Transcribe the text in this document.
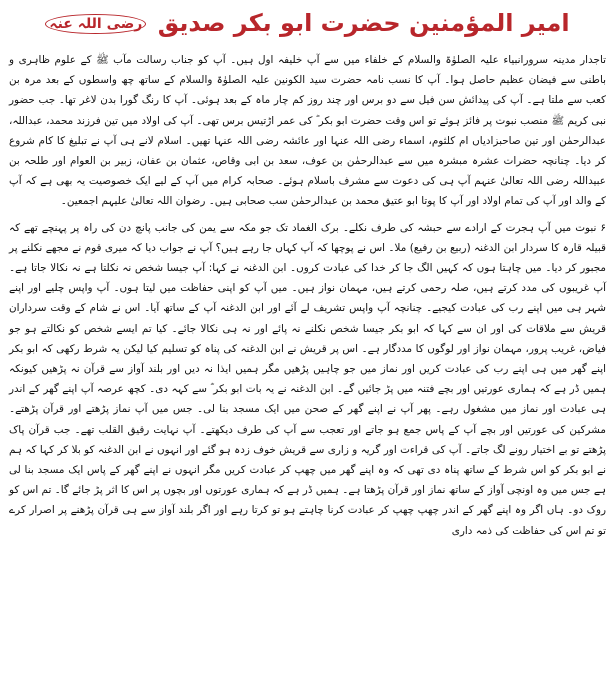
امیر المؤمنین حضرت ابو بکر صدیق رضی اللہ عنہ

تاجدار مدینہ سرورانبیاء علیہ الصلوٰۃ والسلام کے خلفاء میں سے آپ خلیفہ اول ہیں۔ آپ کو جناب رسالت مآب ﷺ کے علوم ظاہری و باطنی سے فیضان عظیم حاصل ہوا۔ آپ کا نسب نامہ حضرت سید الکونین علیہ الصلوٰۃ والسلام کے ساتھ چھ واسطوں کے بعد مرہ بن کعب سے ملتا ہے۔ آپ کی پیدائش سن فیل سے دو برس اور چند روز کم چار ماہ کے بعد ہوئی۔ آپ کا رنگ گورا بدن لاغر تھا۔ جب حضور نبی کریم ﷺ منصب نبوت پر فائز ہوئے تو اس وقت حضرت ابو بکر ؓ کی عمر اڑتیس برس تھی۔ آپ کی اولاد میں تین فرزند محمد، عبداللہ، عبدالرحمٰن اور تین صاحبزادیاں ام کلثوم، اسماء رضی اللہ عنہا اور عائشہ رضی اللہ عنہا تھیں۔ اسلام لانے ہی آپ نے تبلیغ کا کام شروع کر دیا۔ چنانچہ حضرات عشرہ مبشرہ میں سے عبدالرحمٰن بن عوف، سعد بن ابی وقاص، عثمان بن عفان، زبیر بن العوام اور طلحہ بن عبیداللہ رضی اللہ تعالیٰ عنہم آپ ہی کی دعوت سے مشرف باسلام ہوئے۔ صحابہ کرام میں آپ کے لیے ایک خصوصیت یہ بھی ہے کہ آپ کے والد اور آپ کی تمام اولاد اور آپ کا پوتا ابو عتیق محمد بن عبدالرحمٰن سب صحابی ہیں۔ رضوان اللہ تعالیٰ علیہم اجمعین۔

۶ نبوت میں آپ ہجرت کے ارادے سے حبشہ کی طرف نکلے۔ برک الغماد تک جو مکہ سے یمن کی جانب پانچ دن کی راہ پر پہنچے تھے کہ قبیلہ قارہ کا سردار ابن الدغنہ (ربیع بن رفیع) ملا۔ اس نے پوچھا کہ آپ کہاں جا رہے ہیں؟ آپ نے جواب دیا کہ میری قوم نے مجھے نکلنے پر مجبور کر دیا۔ میں چاہتا ہوں کہ کہیں الگ جا کر خدا کی عبادت کروں۔ ابن الدغنہ نے کہا: آپ جیسا شخص نہ نکلتا ہے نہ نکالا جاتا ہے۔ آپ غریبوں کی مدد کرتے ہیں، صلہ رحمی کرتے ہیں، مہمان نواز ہیں۔ میں آپ کو اپنی حفاظت میں لیتا ہوں۔ آپ واپس چلیے اور اپنے شہر ہی میں اپنے رب کی عبادت کیجیے۔ چنانچہ آپ واپس تشریف لے آئے اور ابن الدغنہ آپ کے ساتھ آیا۔ اس نے شام کے وقت سرداران قریش سے ملاقات کی اور ان سے کہا کہ ابو بکر جیسا شخص نکلنے نہ پائے اور نہ ہی نکالا جائے۔ کیا تم ایسے شخص کو نکالتے ہو جو فیاض، غریب پرور، مہمان نواز اور لوگوں کا مددگار ہے۔ اس پر قریش نے ابن الدغنہ کی پناہ کو تسلیم کیا لیکن یہ شرط رکھی کہ ابو بکر اپنے گھر میں ہی اپنے رب کی عبادت کریں اور نماز میں جو چاہیں پڑھیں مگر ہمیں ایذا نہ دیں اور بلند آواز سے قرآن نہ پڑھیں کیونکہ ہمیں ڈر ہے کہ ہماری عورتیں اور بچے فتنہ میں پڑ جائیں گے۔ ابن الدغنہ نے یہ بات ابو بکر ؓ سے کہہ دی۔ کچھ عرصہ آپ اپنے گھر کے اندر ہی عبادت اور نماز میں مشغول رہے۔ پھر آپ نے اپنے گھر کے صحن میں ایک مسجد بنا لی۔ جس میں آپ نماز پڑھتے اور قرآن پڑھتے۔ مشرکین کی عورتیں اور بچے آپ کے پاس جمع ہو جاتے اور تعجب سے آپ کی طرف دیکھتے۔ آپ نہایت رقیق القلب تھے۔ جب قرآن پاک پڑھتے تو بے اختیار رونے لگ جاتے۔ آپ کی قراءت اور گریہ و زاری سے قریش خوف زدہ ہو گئے اور انہوں نے ابن الدغنہ کو بلا کر کہا کہ ہم نے ابو بکر کو اس شرط کے ساتھ پناہ دی تھی کہ وہ اپنے گھر میں چھپ کر عبادت کریں مگر انہوں نے اپنے گھر کے پاس ایک مسجد بنا لی ہے جس میں وہ اونچی آواز کے ساتھ نماز اور قرآن پڑھتا ہے۔ ہمیں ڈر ہے کہ ہماری عورتوں اور بچوں پر اس کا اثر پڑ جائے گا۔ تم اس کو روک دو۔ ہاں اگر وہ اپنے گھر کے اندر چھپ چھپ کر عبادت کرنا چاہتے ہو تو کرتا رہے اور اگر بلند آواز سے ہی قرآن پڑھنے پر اصرار کرے تو تم اس کی حفاظت کی ذمہ داری
